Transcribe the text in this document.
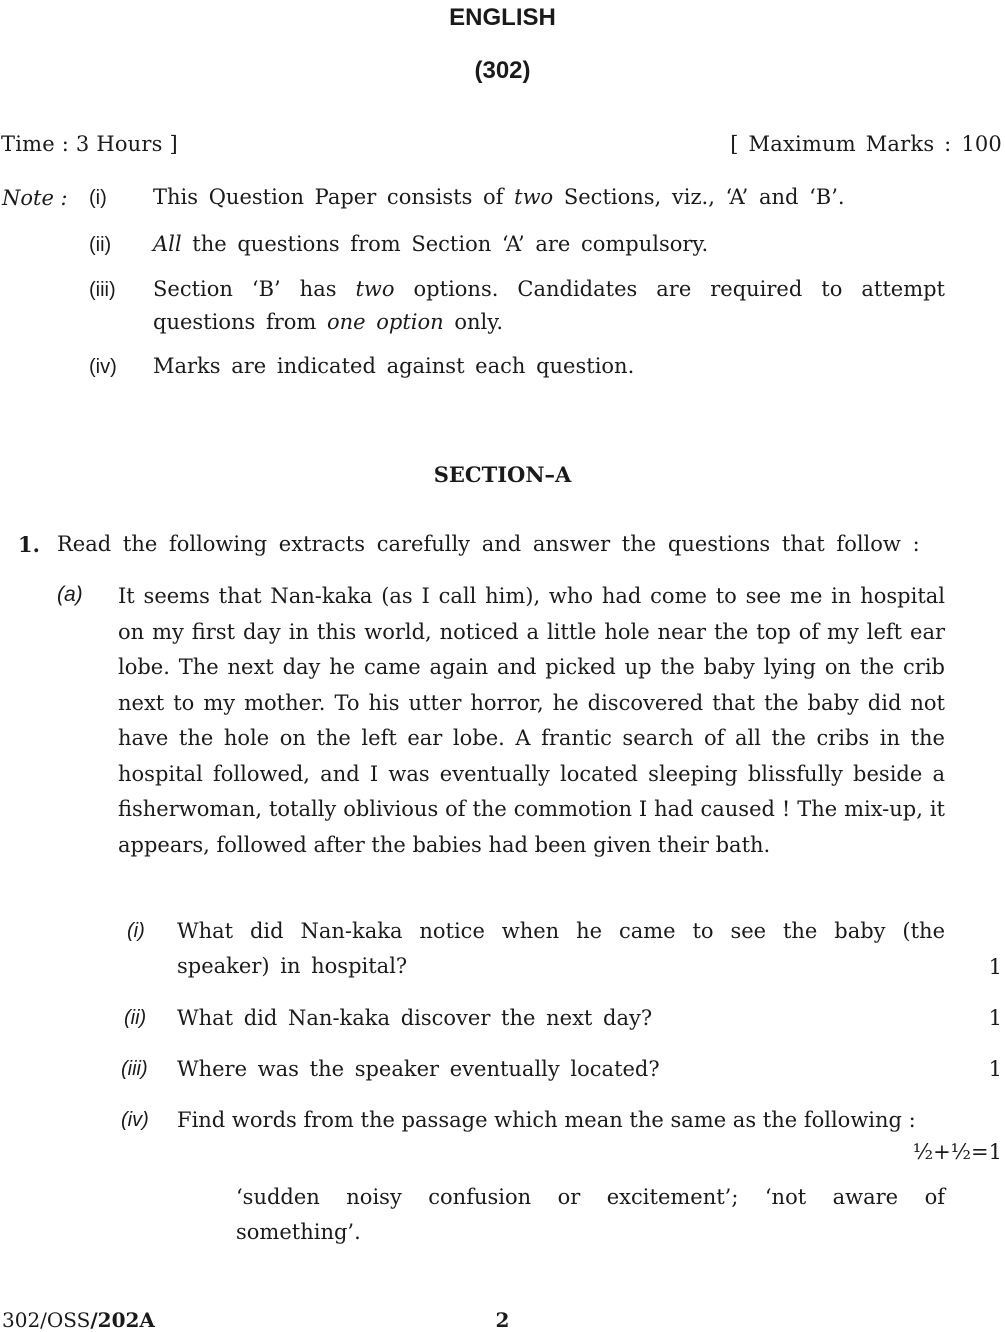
ENGLISH
(302)
Time : 3 Hours ]	[ Maximum Marks : 100
Note : (i) This Question Paper consists of two Sections, viz., ‘A’ and ‘B’.
(ii) All the questions from Section ‘A’ are compulsory.
(iii) Section ‘B’ has two options. Candidates are required to attempt questions from one option only.
(iv) Marks are indicated against each question.
SECTION–A
1. Read the following extracts carefully and answer the questions that follow :
(a) It seems that Nan-kaka (as I call him), who had come to see me in hospital on my first day in this world, noticed a little hole near the top of my left ear lobe. The next day he came again and picked up the baby lying on the crib next to my mother. To his utter horror, he discovered that the baby did not have the hole on the left ear lobe. A frantic search of all the cribs in the hospital followed, and I was eventually located sleeping blissfully beside a fisherwoman, totally oblivious of the commotion I had caused ! The mix-up, it appears, followed after the babies had been given their bath.

(i) What did Nan-kaka notice when he came to see the baby (the speaker) in hospital?	1
(ii) What did Nan-kaka discover the next day?	1
(iii) Where was the speaker eventually located?	1
(iv) Find words from the passage which mean the same as the following :

½+½=1

‘sudden noisy confusion or excitement’; ‘not aware of something’.

302/OSS/202A	2
